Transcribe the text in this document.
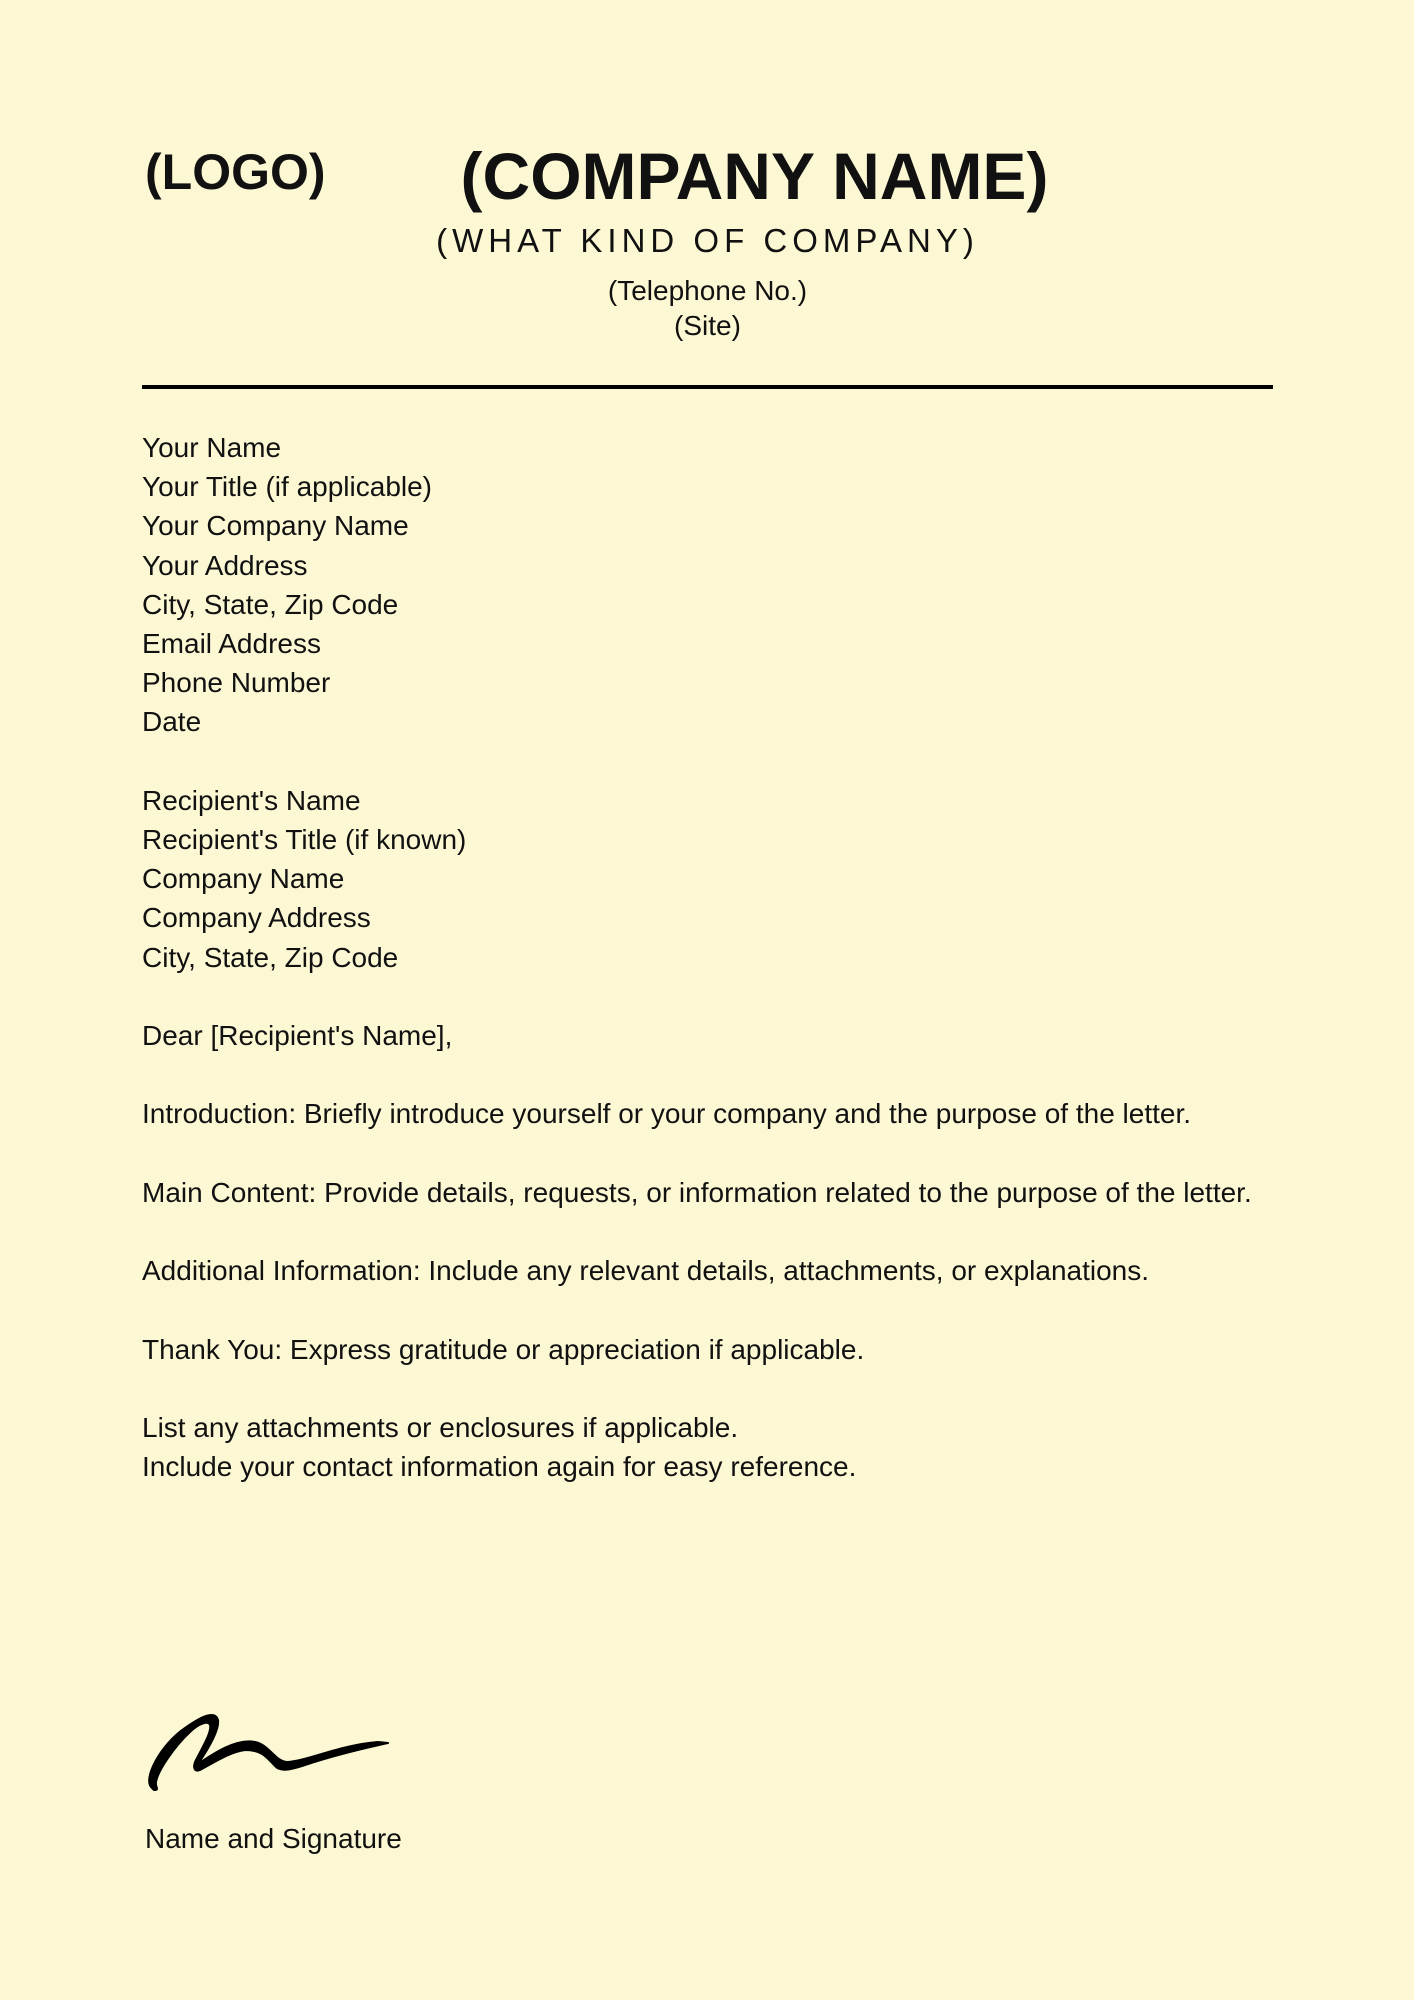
(LOGO)	(COMPANY NAME)
(WHAT KIND OF COMPANY)
(Telephone No.)
(Site)
Your Name
Your Title (if applicable)
Your Company Name
Your Address
City, State, Zip Code
Email Address
Phone Number
Date
Recipient's Name
Recipient's Title (if known)
Company Name
Company Address
City, State, Zip Code
Dear [Recipient's Name],
Introduction: Briefly introduce yourself or your company and the purpose of the letter.
Main Content: Provide details, requests, or information related to the purpose of the letter.
Additional Information: Include any relevant details, attachments, or explanations.
Thank You: Express gratitude or appreciation if applicable.
List any attachments or enclosures if applicable.
Include your contact information again for easy reference.
Name and Signature
